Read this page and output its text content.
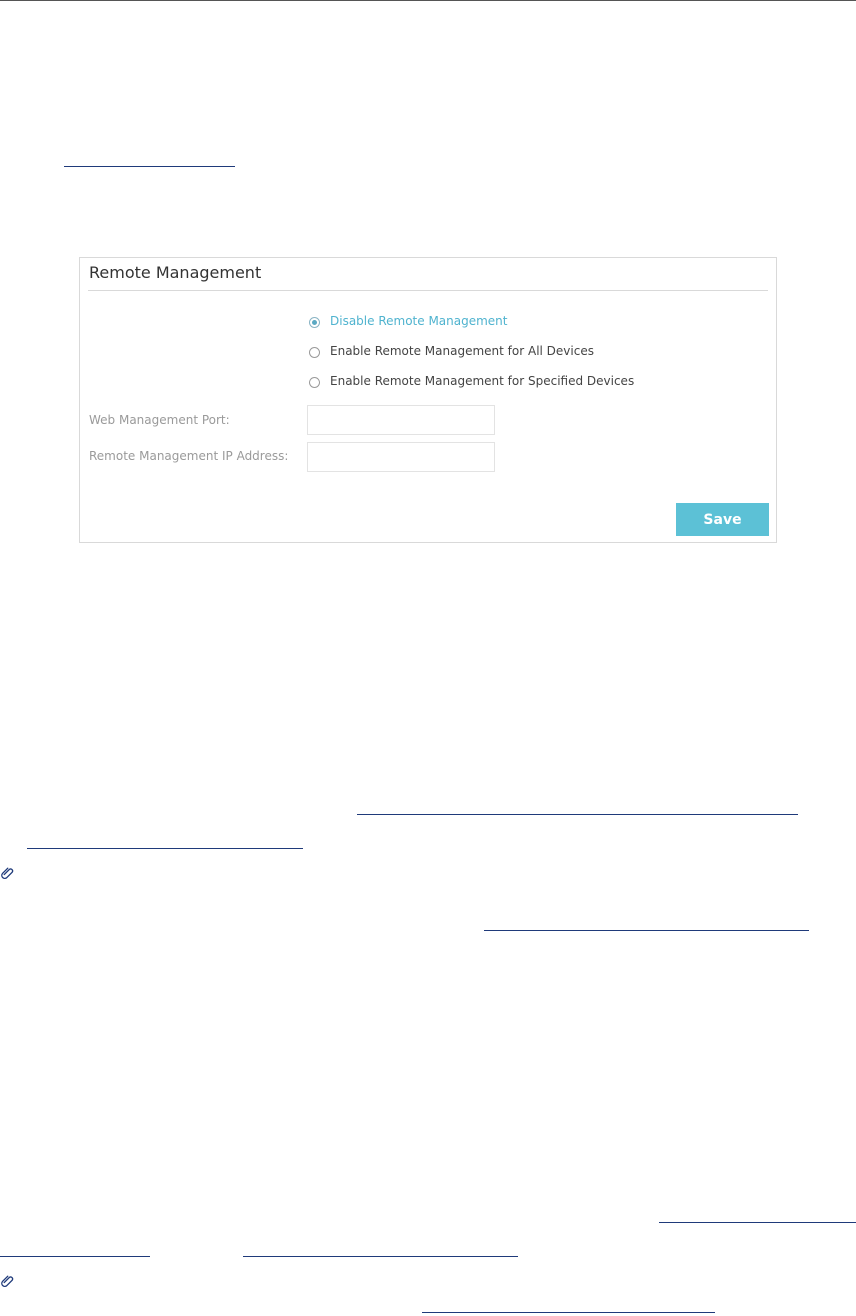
Remote Management
Disable Remote Management
Enable Remote Management for All Devices
Enable Remote Management for Specified Devices
Web Management Port:
Remote Management IP Address:
Save
